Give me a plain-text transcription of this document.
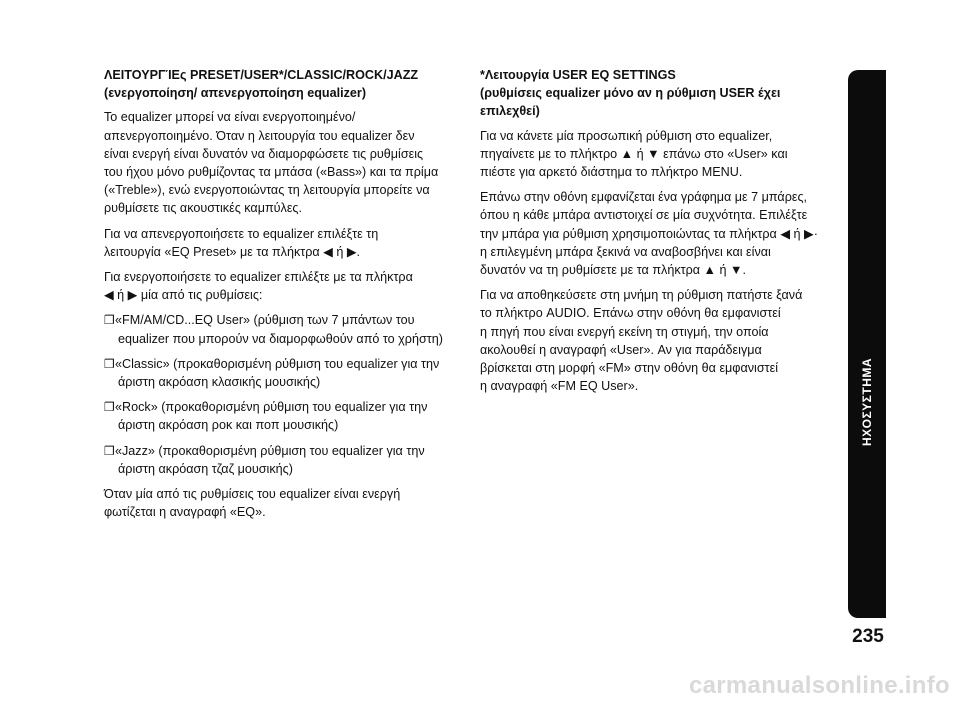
ΛΕΙΤΟΥΡΓΊΕς PRESET/USER*/CLASSIC/ROCK/JAZZ
(ενεργοποίηση/ απενεργοποίηση equalizer)
Το equalizer μπορεί να είναι ενεργοποιημένο/
απενεργοποιημένο. Όταν η λειτουργία του equalizer δεν
είναι ενεργή είναι δυνατόν να διαμορφώσετε τις ρυθμίσεις
του ήχου μόνο ρυθμίζοντας τα μπάσα («Bass») και τα πρίμα
(«Treble»), ενώ ενεργοποιώντας τη λειτουργία μπορείτε να
ρυθμίσετε τις ακουστικές καμπύλες.
Για να απενεργοποιήσετε το equalizer επιλέξτε τη
λειτουργία «EQ Preset» με τα πλήκτρα ◀ ή ▶.
Για ενεργοποιήσετε το equalizer επιλέξτε με τα πλήκτρα
◀ ή ▶ μία από τις ρυθμίσεις:
❒«FM/AM/CD...EQ User» (ρύθμιση των 7 μπάντων του
equalizer που μπορούν να διαμορφωθούν από το χρήστη)
❒«Classic» (προκαθορισμένη ρύθμιση του equalizer για την
άριστη ακρόαση κλασικής μουσικής)
❒«Rock» (προκαθορισμένη ρύθμιση του equalizer για την
άριστη ακρόαση ροκ και ποπ μουσικής)
❒«Jazz» (προκαθορισμένη ρύθμιση του equalizer για την
άριστη ακρόαση τζαζ μουσικής)
Όταν μία από τις ρυθμίσεις του equalizer είναι ενεργή
φωτίζεται η αναγραφή «EQ».
*Λειτουργία USER EQ SETTINGS
(ρυθμίσεις equalizer μόνο αν η ρύθμιση USER έχει
επιλεχθεί)
Για να κάνετε μία προσωπική ρύθμιση στο equalizer,
πηγαίνετε με το πλήκτρο ▲ ή ▼ επάνω στο «User» και
πιέστε για αρκετό διάστημα το πλήκτρο MENU.
Επάνω στην οθόνη εμφανίζεται ένα γράφημα με 7 μπάρες,
όπου η κάθε μπάρα αντιστοιχεί σε μία συχνότητα. Επιλέξτε
την μπάρα για ρύθμιση χρησιμοποιώντας τα πλήκτρα ◀ ή ▶·
η επιλεγμένη μπάρα ξεκινά να αναβοσβήνει και είναι
δυνατόν να τη ρυθμίσετε με τα πλήκτρα ▲ ή ▼.
Για να αποθηκεύσετε στη μνήμη τη ρύθμιση πατήστε ξανά
το πλήκτρο AUDIO. Επάνω στην οθόνη θα εμφανιστεί
η πηγή που είναι ενεργή εκείνη τη στιγμή, την οποία
ακολουθεί η αναγραφή «User». Αν για παράδειγμα
βρίσκεται στη μορφή «FM» στην οθόνη θα εμφανιστεί
η αναγραφή «FM EQ User».	ΗΧΟΣΥΣΤΗΜΑ
235
carmanualsonline.info
